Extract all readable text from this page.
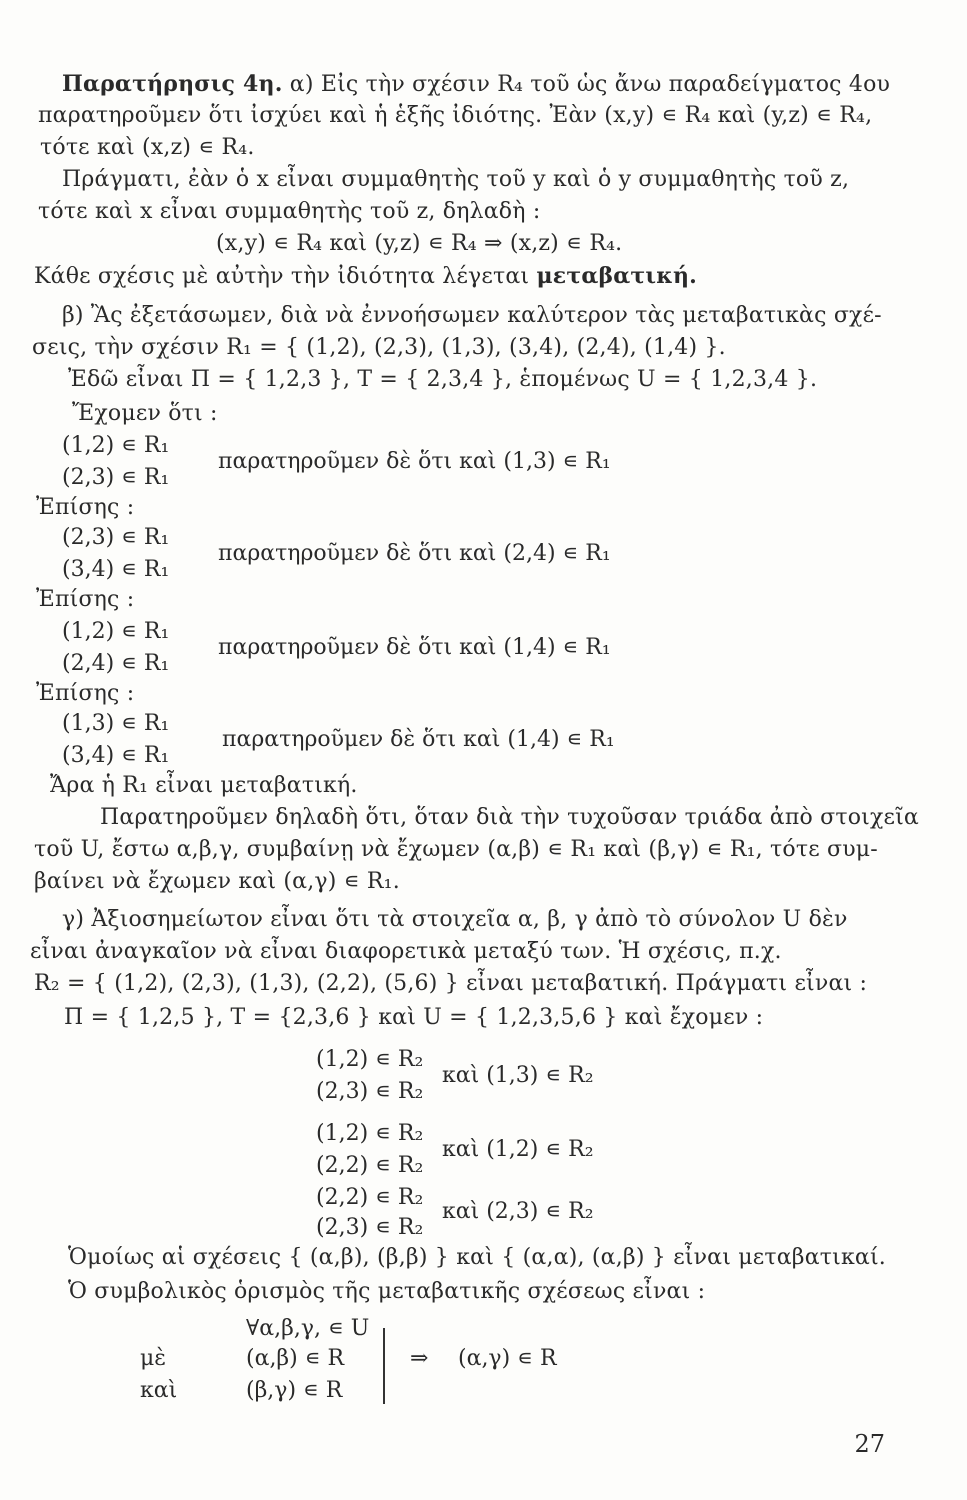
Παρατήρησις 4η. α) Εἰς τὴν σχέσιν R₄ τοῦ ὡς ἄνω παραδείγματος 4ου
παρατηροῦμεν ὅτι ἰσχύει καὶ ἡ ἑξῆς ἰδιότης. Ἐὰν (x,y) ∊ R₄ καὶ (y,z) ∊ R₄,
τότε καὶ (x,z) ∊ R₄.
Πράγματι, ἐὰν ὁ x εἶναι συμμαθητὴς τοῦ y καὶ ὁ y συμμαθητὴς τοῦ z,
τότε καὶ x εἶναι συμμαθητὴς τοῦ z, δηλαδὴ :
(x,y) ∊ R₄ καὶ (y,z) ∊ R₄ ⇒ (x,z) ∊ R₄.
Κάθε σχέσις μὲ αὐτὴν τὴν ἰδιότητα λέγεται μεταβατική.
β) Ἂς ἐξετάσωμεν, διὰ νὰ ἐννοήσωμεν καλύτερον τὰς μεταβατικὰς σχέ-
σεις, τὴν σχέσιν R₁ = { (1,2), (2,3), (1,3), (3,4), (2,4), (1,4) }.
Ἐδῶ εἶναι Π = { 1,2,3 }, Τ = { 2,3,4 }, ἑπομένως U = { 1,2,3,4 }.
Ἔχομεν ὅτι :
(1,2) ∊ R₁
(2,3) ∊ R₁
παρατηροῦμεν δὲ ὅτι καὶ (1,3) ∊ R₁
Ἐπίσης :
(2,3) ∊ R₁
(3,4) ∊ R₁
παρατηροῦμεν δὲ ὅτι καὶ (2,4) ∊ R₁
Ἐπίσης :
(1,2) ∊ R₁
(2,4) ∊ R₁
παρατηροῦμεν δὲ ὅτι καὶ (1,4) ∊ R₁
Ἐπίσης :
(1,3) ∊ R₁
(3,4) ∊ R₁
παρατηροῦμεν δὲ ὅτι καὶ (1,4) ∊ R₁
Ἄρα ἡ R₁ εἶναι μεταβατική.
Παρατηροῦμεν δηλαδὴ ὅτι, ὅταν διὰ τὴν τυχοῦσαν τριάδα ἀπὸ στοιχεῖα
τοῦ U, ἔστω α,β,γ, συμβαίνῃ νὰ ἔχωμεν (α,β) ∊ R₁ καὶ (β,γ) ∊ R₁, τότε συμ-
βαίνει νὰ ἔχωμεν καὶ (α,γ) ∊ R₁.
γ) Ἀξιοσημείωτον εἶναι ὅτι τὰ στοιχεῖα α, β, γ ἀπὸ τὸ σύνολον U δὲν
εἶναι ἀναγκαῖον νὰ εἶναι διαφορετικὰ μεταξύ των. Ἡ σχέσις, π.χ.
R₂ = { (1,2), (2,3), (1,3), (2,2), (5,6) } εἶναι μεταβατική. Πράγματι εἶναι :
Π = { 1,2,5 }, Τ = {2,3,6 } καὶ U = { 1,2,3,5,6 } καὶ ἔχομεν :
(1,2) ∊ R₂
(2,3) ∊ R₂
καὶ (1,3) ∊ R₂
(1,2) ∊ R₂
(2,2) ∊ R₂
καὶ (1,2) ∊ R₂
(2,2) ∊ R₂
(2,3) ∊ R₂
καὶ (2,3) ∊ R₂
Ὁμοίως αἱ σχέσεις { (α,β), (β,β) } καὶ { (α,α), (α,β) } εἶναι μεταβατικαί.
Ὁ συμβολικὸς ὁρισμὸς τῆς μεταβατικῆς σχέσεως εἶναι :
∀α,β,γ, ∊ U
μὲ	(α,β) ∊ R
καὶ	(β,γ) ∊ R
⇒ (α,γ) ∊ R
27
